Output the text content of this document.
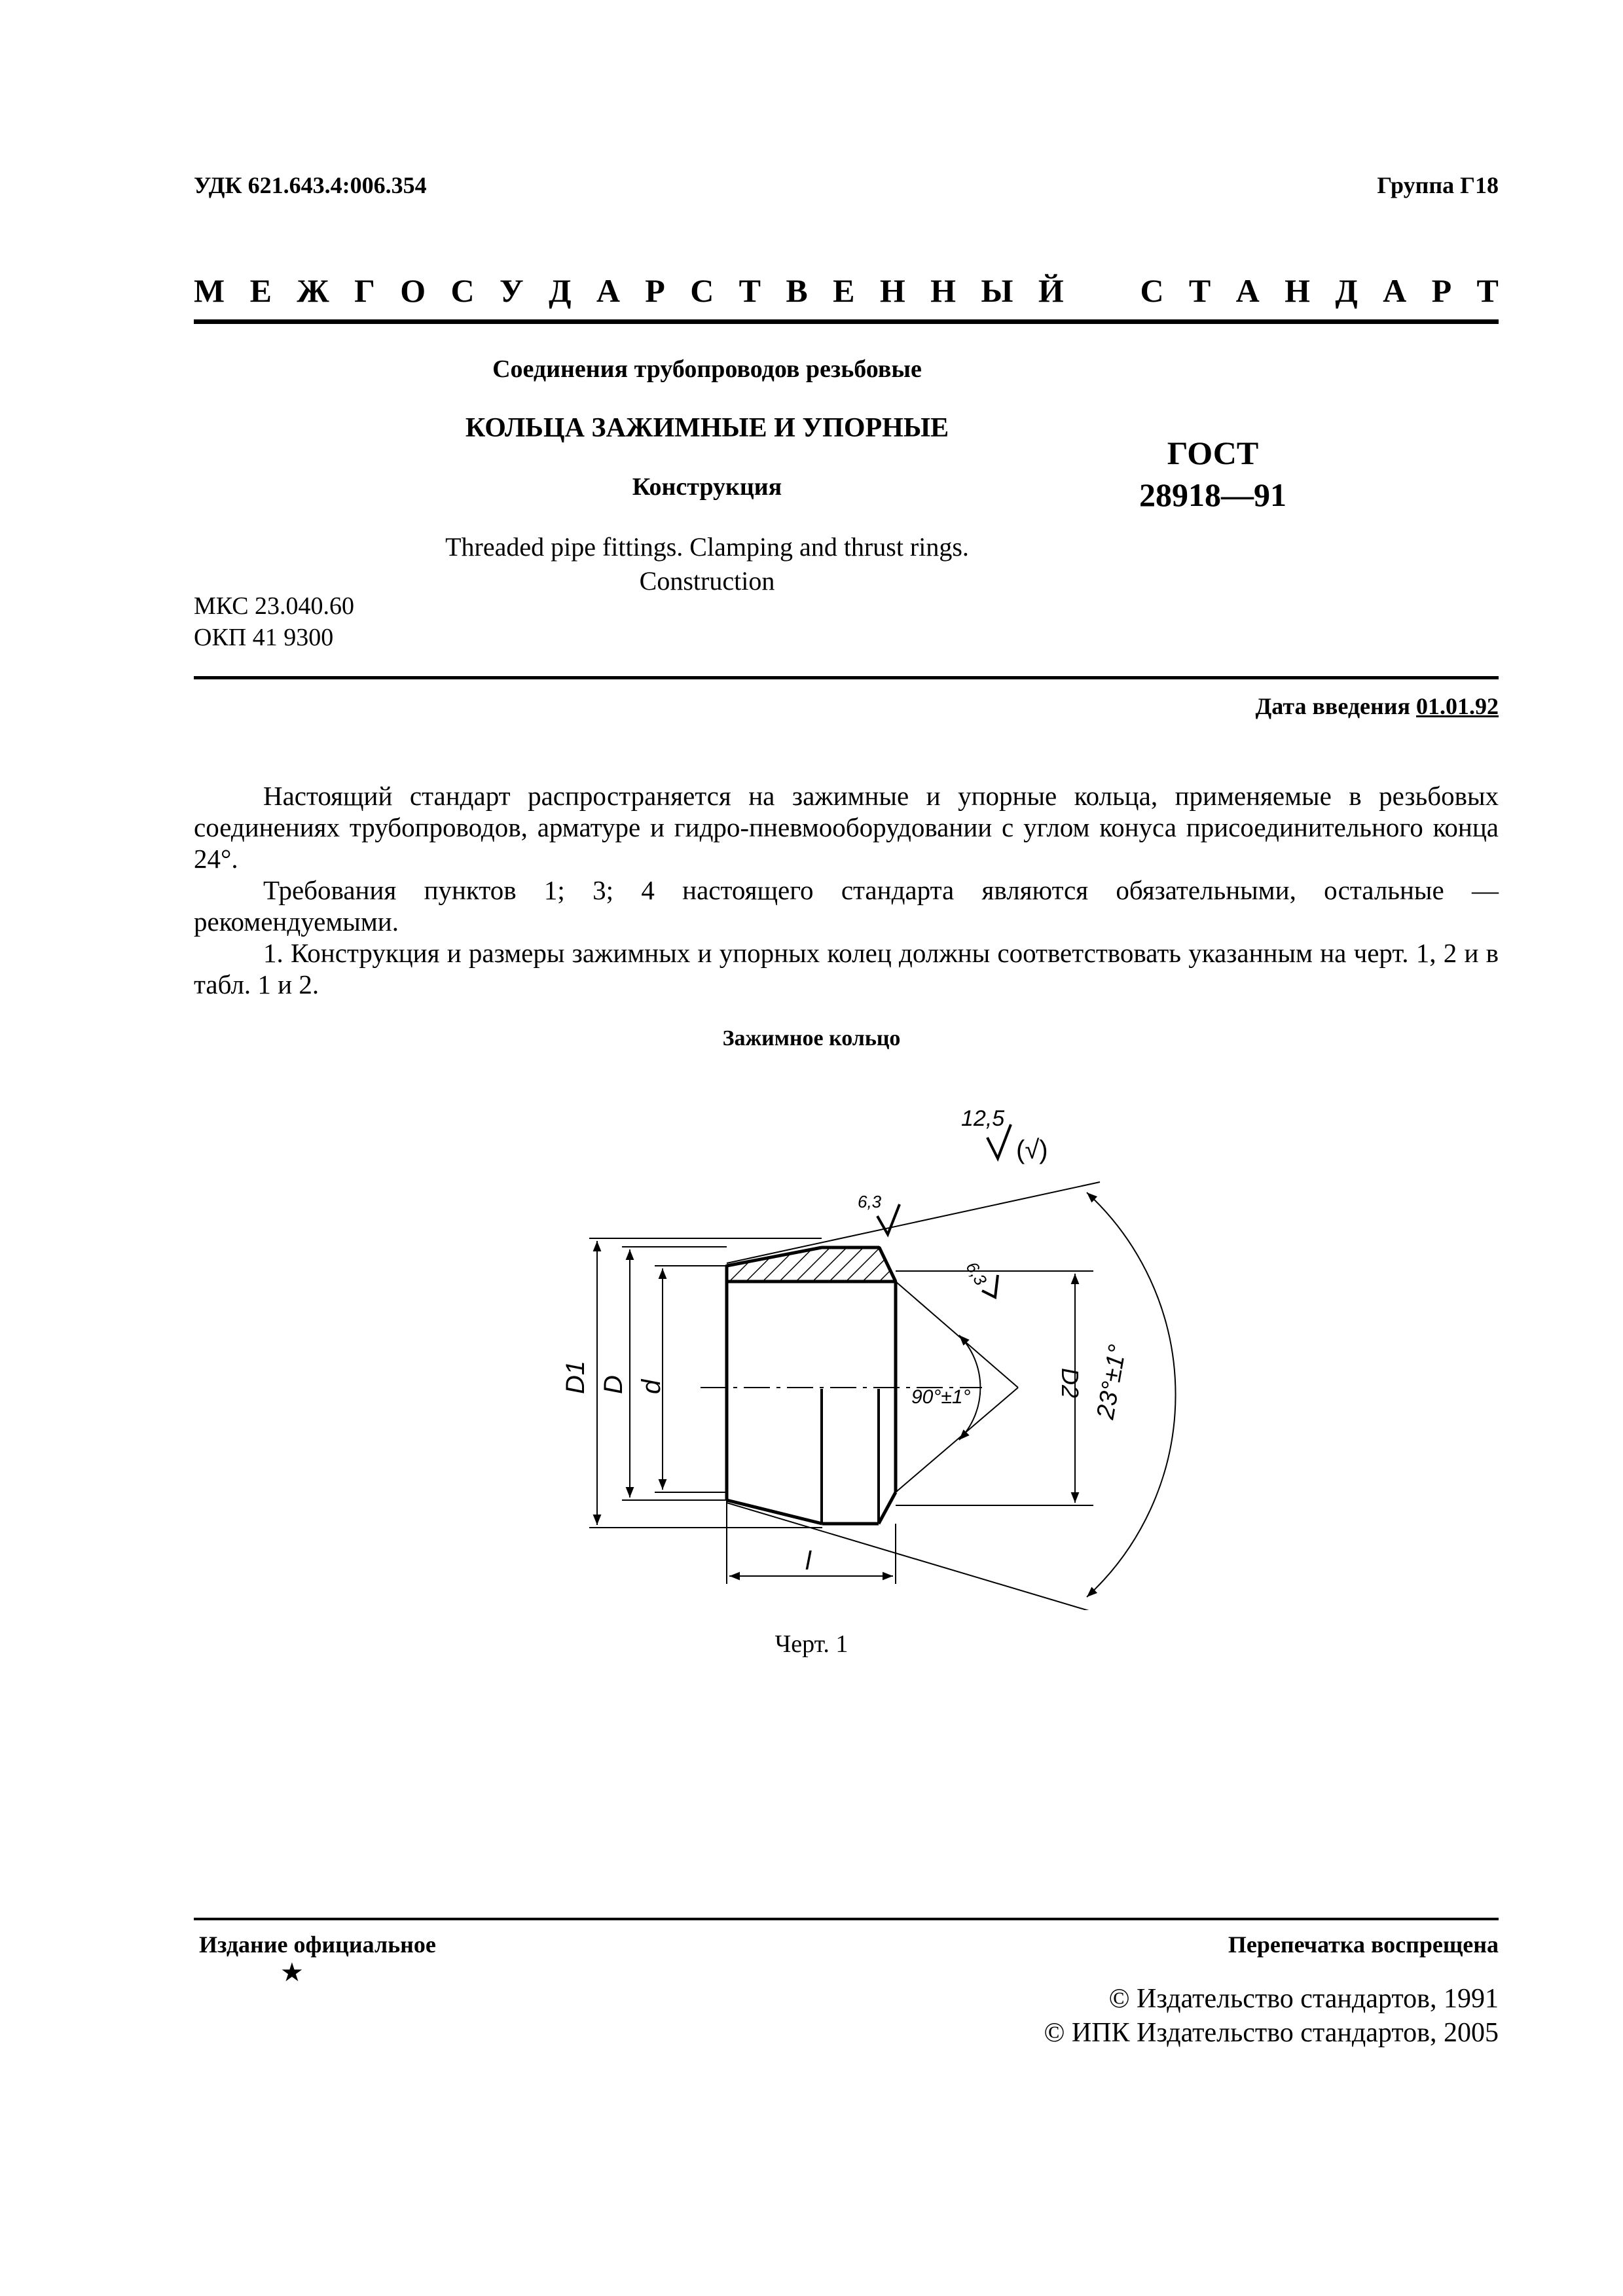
УДК 621.643.4:006.354	Группа Г18
М Е Ж Г О С У Д А Р С Т В Е Н Н Ы Й С Т А Н Д А Р Т
Соединения трубопроводов резьбовые
КОЛЬЦА ЗАЖИМНЫЕ И УПОРНЫЕ
Конструкция
Threaded pipe fittings. Clamping and thrust rings.
Construction
ГОСТ
28918—91
МКС 23.040.60
ОКП 41 9300
Дата введения 01.01.92

Настоящий стандарт распространяется на зажимные и упорные кольца, применяемые в резьбовых соединениях трубопроводов, арматуре и гидро-пневмооборудовании с углом конуса присоединительного конца 24°.

Требования пунктов 1; 3; 4 настоящего стандарта являются обязательными, остальные — рекомендуемыми.

1. Конструкция и размеры зажимных и упорных колец должны соответствовать указанным на черт. 1, 2 и в табл. 1 и 2.

Зажимное кольцо
12,5
(√)
6,3
6,3
D1 D d	D2
90°±1°	23°±1°
l
Черт. 1
Издание официальное
★
Перепечатка воспрещена
© Издательство стандартов, 1991
© ИПК Издательство стандартов, 2005
